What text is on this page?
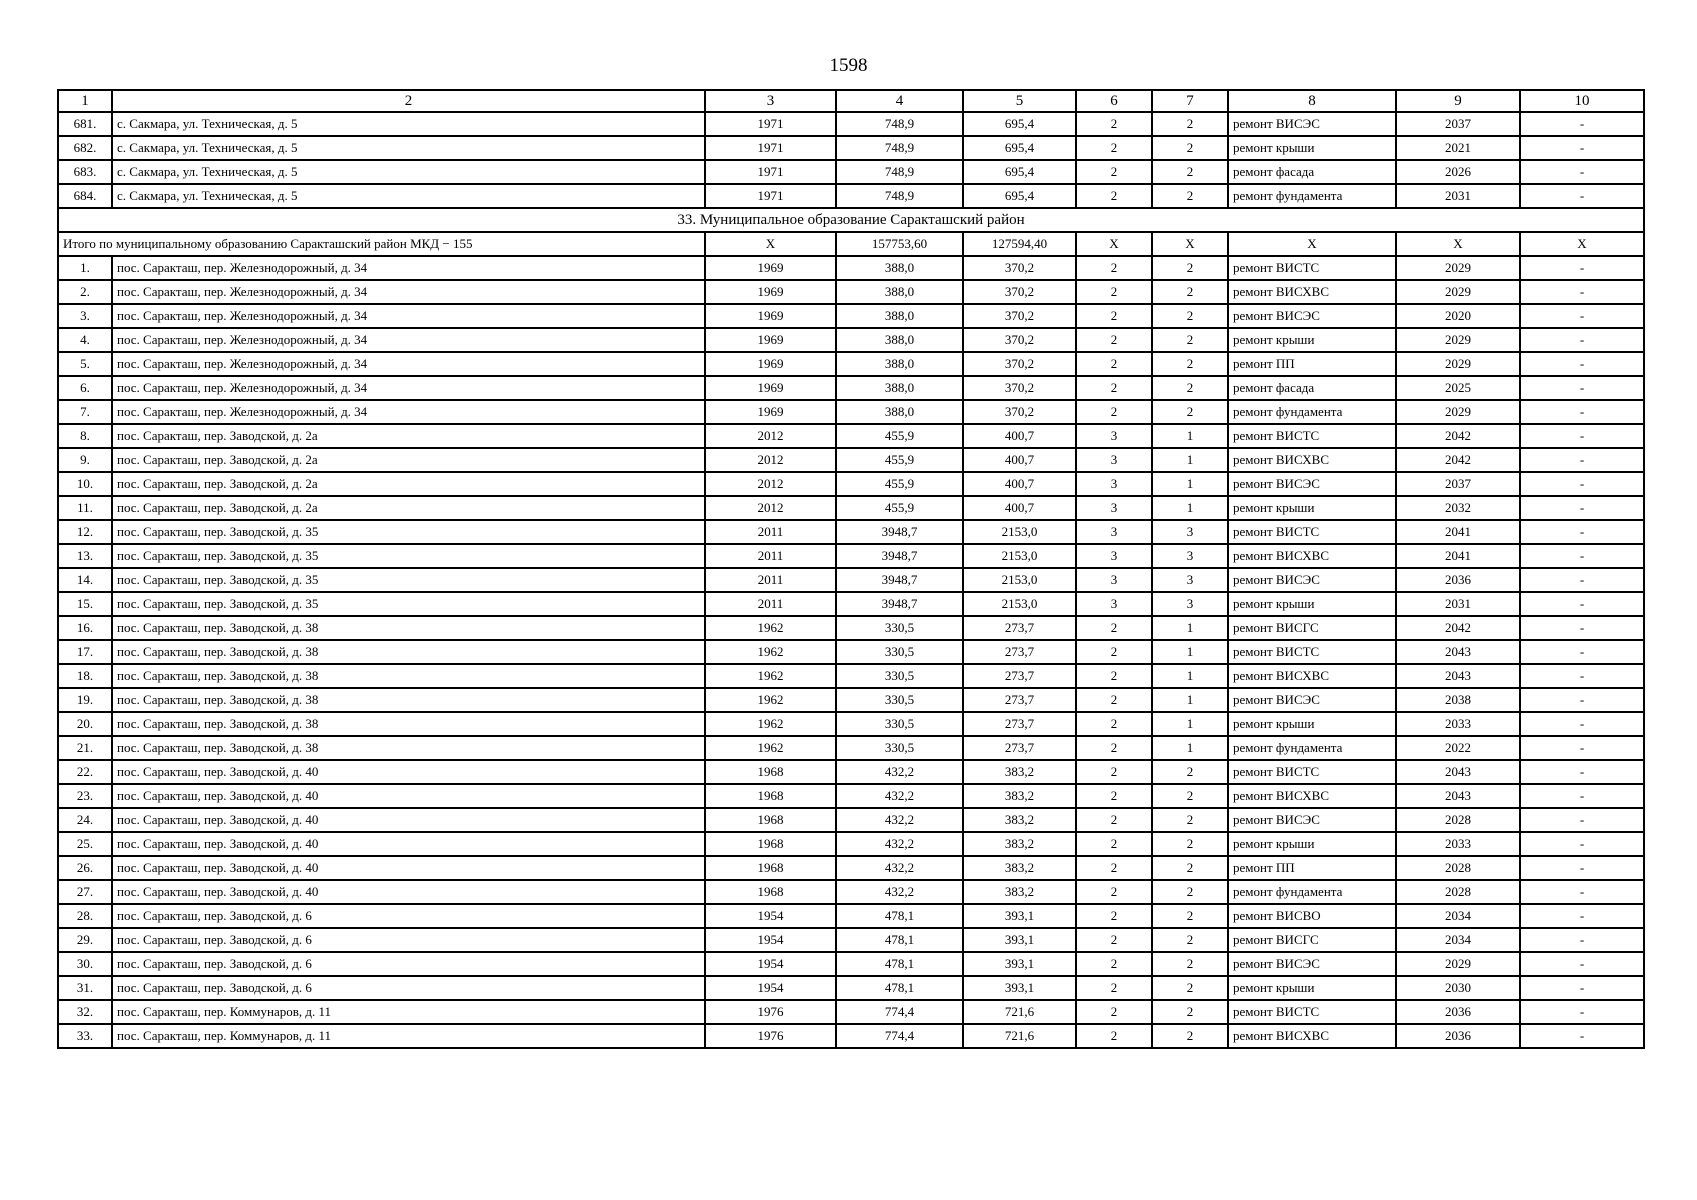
1598
1	2	3	4	5	6	7	8	9	10
681.	с. Сакмара, ул. Техническая, д. 5	1971	748,9	695,4	2	2	ремонт ВИСЭС	2037	-
682.	с. Сакмара, ул. Техническая, д. 5	1971	748,9	695,4	2	2	ремонт крыши	2021	-
683.	с. Сакмара, ул. Техническая, д. 5	1971	748,9	695,4	2	2	ремонт фасада	2026	-
684.	с. Сакмара, ул. Техническая, д. 5	1971	748,9	695,4	2	2	ремонт фундамента	2031	-
33. Муниципальное образование Саракташский район									
Итого по муниципальному образованию Саракташский район МКД − 155		Х	157753,60	127594,40	Х	Х	Х	Х	Х
1.	пос. Саракташ, пер. Железнодорожный, д. 34	1969	388,0	370,2	2	2	ремонт ВИСТС	2029	-
2.	пос. Саракташ, пер. Железнодорожный, д. 34	1969	388,0	370,2	2	2	ремонт ВИСХВС	2029	-
3.	пос. Саракташ, пер. Железнодорожный, д. 34	1969	388,0	370,2	2	2	ремонт ВИСЭС	2020	-
4.	пос. Саракташ, пер. Железнодорожный, д. 34	1969	388,0	370,2	2	2	ремонт крыши	2029	-
5.	пос. Саракташ, пер. Железнодорожный, д. 34	1969	388,0	370,2	2	2	ремонт ПП	2029	-
6.	пос. Саракташ, пер. Железнодорожный, д. 34	1969	388,0	370,2	2	2	ремонт фасада	2025	-
7.	пос. Саракташ, пер. Железнодорожный, д. 34	1969	388,0	370,2	2	2	ремонт фундамента	2029	-
8.	пос. Саракташ, пер. Заводской, д. 2а	2012	455,9	400,7	3	1	ремонт ВИСТС	2042	-
9.	пос. Саракташ, пер. Заводской, д. 2а	2012	455,9	400,7	3	1	ремонт ВИСХВС	2042	-
10.	пос. Саракташ, пер. Заводской, д. 2а	2012	455,9	400,7	3	1	ремонт ВИСЭС	2037	-
11.	пос. Саракташ, пер. Заводской, д. 2а	2012	455,9	400,7	3	1	ремонт крыши	2032	-
12.	пос. Саракташ, пер. Заводской, д. 35	2011	3948,7	2153,0	3	3	ремонт ВИСТС	2041	-
13.	пос. Саракташ, пер. Заводской, д. 35	2011	3948,7	2153,0	3	3	ремонт ВИСХВС	2041	-
14.	пос. Саракташ, пер. Заводской, д. 35	2011	3948,7	2153,0	3	3	ремонт ВИСЭС	2036	-
15.	пос. Саракташ, пер. Заводской, д. 35	2011	3948,7	2153,0	3	3	ремонт крыши	2031	-
16.	пос. Саракташ, пер. Заводской, д. 38	1962	330,5	273,7	2	1	ремонт ВИСГС	2042	-
17.	пос. Саракташ, пер. Заводской, д. 38	1962	330,5	273,7	2	1	ремонт ВИСТС	2043	-
18.	пос. Саракташ, пер. Заводской, д. 38	1962	330,5	273,7	2	1	ремонт ВИСХВС	2043	-
19.	пос. Саракташ, пер. Заводской, д. 38	1962	330,5	273,7	2	1	ремонт ВИСЭС	2038	-
20.	пос. Саракташ, пер. Заводской, д. 38	1962	330,5	273,7	2	1	ремонт крыши	2033	-
21.	пос. Саракташ, пер. Заводской, д. 38	1962	330,5	273,7	2	1	ремонт фундамента	2022	-
22.	пос. Саракташ, пер. Заводской, д. 40	1968	432,2	383,2	2	2	ремонт ВИСТС	2043	-
23.	пос. Саракташ, пер. Заводской, д. 40	1968	432,2	383,2	2	2	ремонт ВИСХВС	2043	-
24.	пос. Саракташ, пер. Заводской, д. 40	1968	432,2	383,2	2	2	ремонт ВИСЭС	2028	-
25.	пос. Саракташ, пер. Заводской, д. 40	1968	432,2	383,2	2	2	ремонт крыши	2033	-
26.	пос. Саракташ, пер. Заводской, д. 40	1968	432,2	383,2	2	2	ремонт ПП	2028	-
27.	пос. Саракташ, пер. Заводской, д. 40	1968	432,2	383,2	2	2	ремонт фундамента	2028	-
28.	пос. Саракташ, пер. Заводской, д. 6	1954	478,1	393,1	2	2	ремонт ВИСВО	2034	-
29.	пос. Саракташ, пер. Заводской, д. 6	1954	478,1	393,1	2	2	ремонт ВИСГС	2034	-
30.	пос. Саракташ, пер. Заводской, д. 6	1954	478,1	393,1	2	2	ремонт ВИСЭС	2029	-
31.	пос. Саракташ, пер. Заводской, д. 6	1954	478,1	393,1	2	2	ремонт крыши	2030	-
32.	пос. Саракташ, пер. Коммунаров, д. 11	1976	774,4	721,6	2	2	ремонт ВИСТС	2036	-
33.	пос. Саракташ, пер. Коммунаров, д. 11	1976	774,4	721,6	2	2	ремонт ВИСХВС	2036	-
